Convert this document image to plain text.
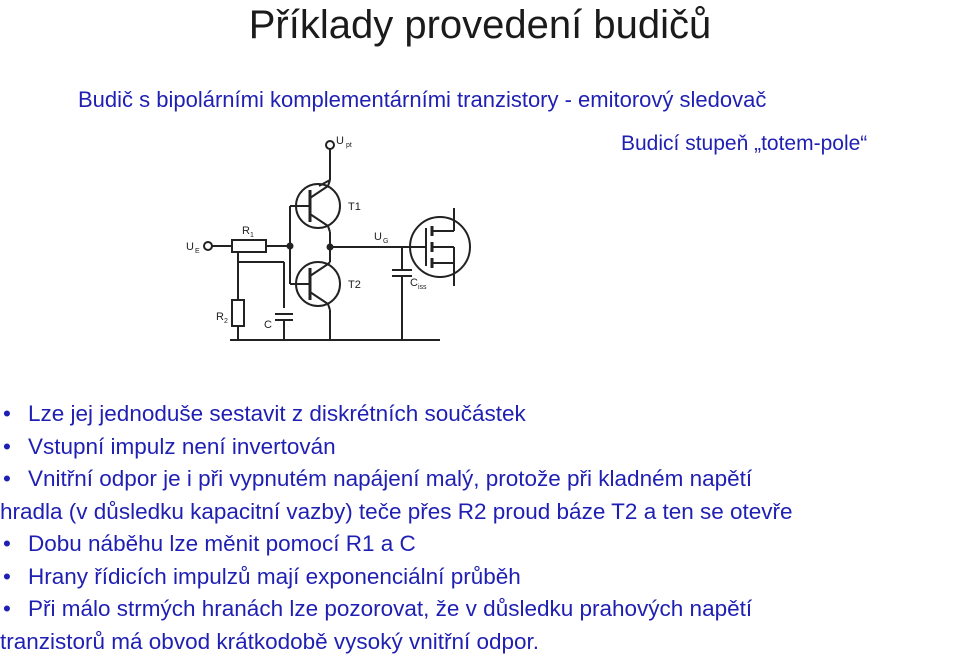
Příklady provedení budičů
Budič s bipolárními komplementárními tranzistory - emitorový sledovač
Budicí stupeň „totem-pole“
U pt
U E
U G
T1
T2
R 1
R 2	C
C iss
• Lze jej jednoduše sestavit z diskrétních součástek
• Vstupní impulz není invertován
• Vnitřní odpor je i při vypnutém napájení malý, protože při kladném napětí
hradla (v důsledku kapacitní vazby) teče přes R2 proud báze T2 a ten se otevře
• Dobu náběhu lze měnit pomocí R1 a C
• Hrany řídicích impulzů mají exponenciální průběh
• Při málo strmých hranách lze pozorovat, že v důsledku prahových napětí
tranzistorů má obvod krátkodobě vysoký vnitřní odpor.
